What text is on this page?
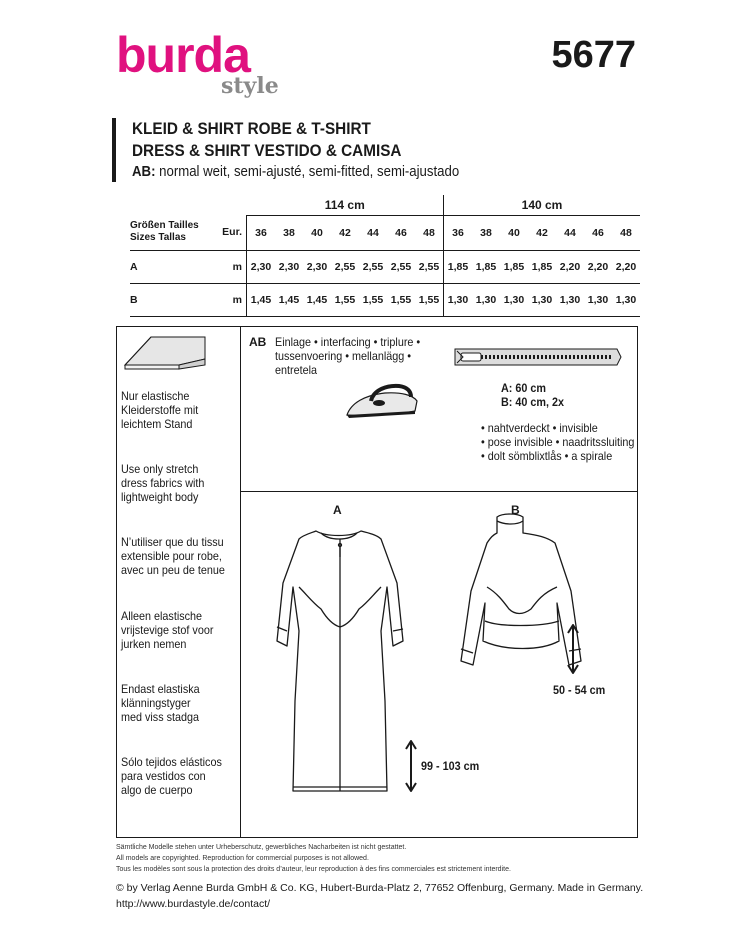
burda
style
5677
KLEID & SHIRT ROBE & T-SHIRT
DRESS & SHIRT VESTIDO & CAMISA
AB: normal weit, semi-ajusté, semi-fitted, semi-ajustado
		114 cm							140 cm						

Größen Tailles
Sizes Tallas	Eur.	36	38	40	42	44	46	48	36	38	40	42	44	46	48
A	m	2,30	2,30	2,30	2,55	2,55	2,55	2,55	1,85	1,85	1,85	1,85	2,20	2,20	2,20
B	m	1,45	1,45	1,45	1,55	1,55	1,55	1,55	1,30	1,30	1,30	1,30	1,30	1,30	1,30
Nur elastische
Kleiderstoffe mit
leichtem Stand
Use only stretch
dress fabrics with
lightweight body
N’utiliser que du tissu
extensible pour robe,
avec un peu de tenue
Alleen elastische
vrijstevige stof voor
jurken nemen
Endast elastiska
klänningstyger
med viss stadga
Sólo tejidos elásticos
para vestidos con
algo de cuerpo
AB Einlage • interfacing • triplure •
tussenvoering • mellanlägg •
entretela
A: 60 cm
B: 40 cm, 2x
• nahtverdeckt • invisible
• pose invisible • naadritssluiting
• dolt sömblixtlås • a spirale
A	B
99 - 103 cm
50 - 54 cm
Sämtliche Modelle stehen unter Urheberschutz, gewerbliches Nacharbeiten ist nicht gestattet.
All models are copyrighted. Reproduction for commercial purposes is not allowed.
Tous les modèles sont sous la protection des droits d’auteur, leur reproduction à des fins commerciales est strictement interdite.
© by Verlag Aenne Burda GmbH & Co. KG, Hubert-Burda-Platz 2, 77652 Offenburg, Germany. Made in Germany.
http://www.burdastyle.de/contact/
